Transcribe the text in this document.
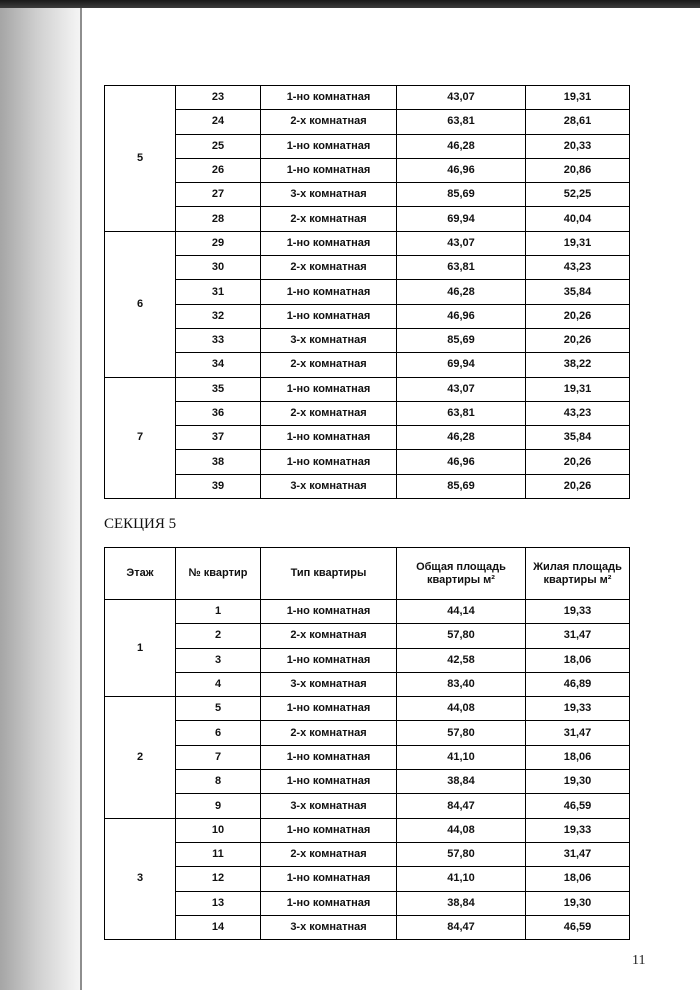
5	23	1-но комнатная	43,07	19,31
	24	2-х комнатная	63,81	28,61
	25	1-но комнатная	46,28	20,33
	26	1-но комнатная	46,96	20,86
	27	3-х комнатная	85,69	52,25
	28	2-х комнатная	69,94	40,04
6	29	1-но комнатная	43,07	19,31
	30	2-х комнатная	63,81	43,23
	31	1-но комнатная	46,28	35,84
	32	1-но комнатная	46,96	20,26
	33	3-х комнатная	85,69	20,26
	34	2-х комнатная	69,94	38,22
7	35	1-но комнатная	43,07	19,31
	36	2-х комнатная	63,81	43,23
	37	1-но комнатная	46,28	35,84
	38	1-но комнатная	46,96	20,26
	39	3-х комнатная	85,69	20,26
СЕКЦИЯ 5
Этаж	№ квартир	Тип квартиры	Общая площадь квартиры м²	Жилая площадь квартиры м²
1	1	1-но комнатная	44,14	19,33
	2	2-х комнатная	57,80	31,47
	3	1-но комнатная	42,58	18,06
	4	3-х комнатная	83,40	46,89
2	5	1-но комнатная	44,08	19,33
	6	2-х комнатная	57,80	31,47
	7	1-но комнатная	41,10	18,06
	8	1-но комнатная	38,84	19,30
	9	3-х комнатная	84,47	46,59
3	10	1-но комнатная	44,08	19,33
	11	2-х комнатная	57,80	31,47
	12	1-но комнатная	41,10	18,06
	13	1-но комнатная	38,84	19,30
	14	3-х комнатная	84,47	46,59
11
